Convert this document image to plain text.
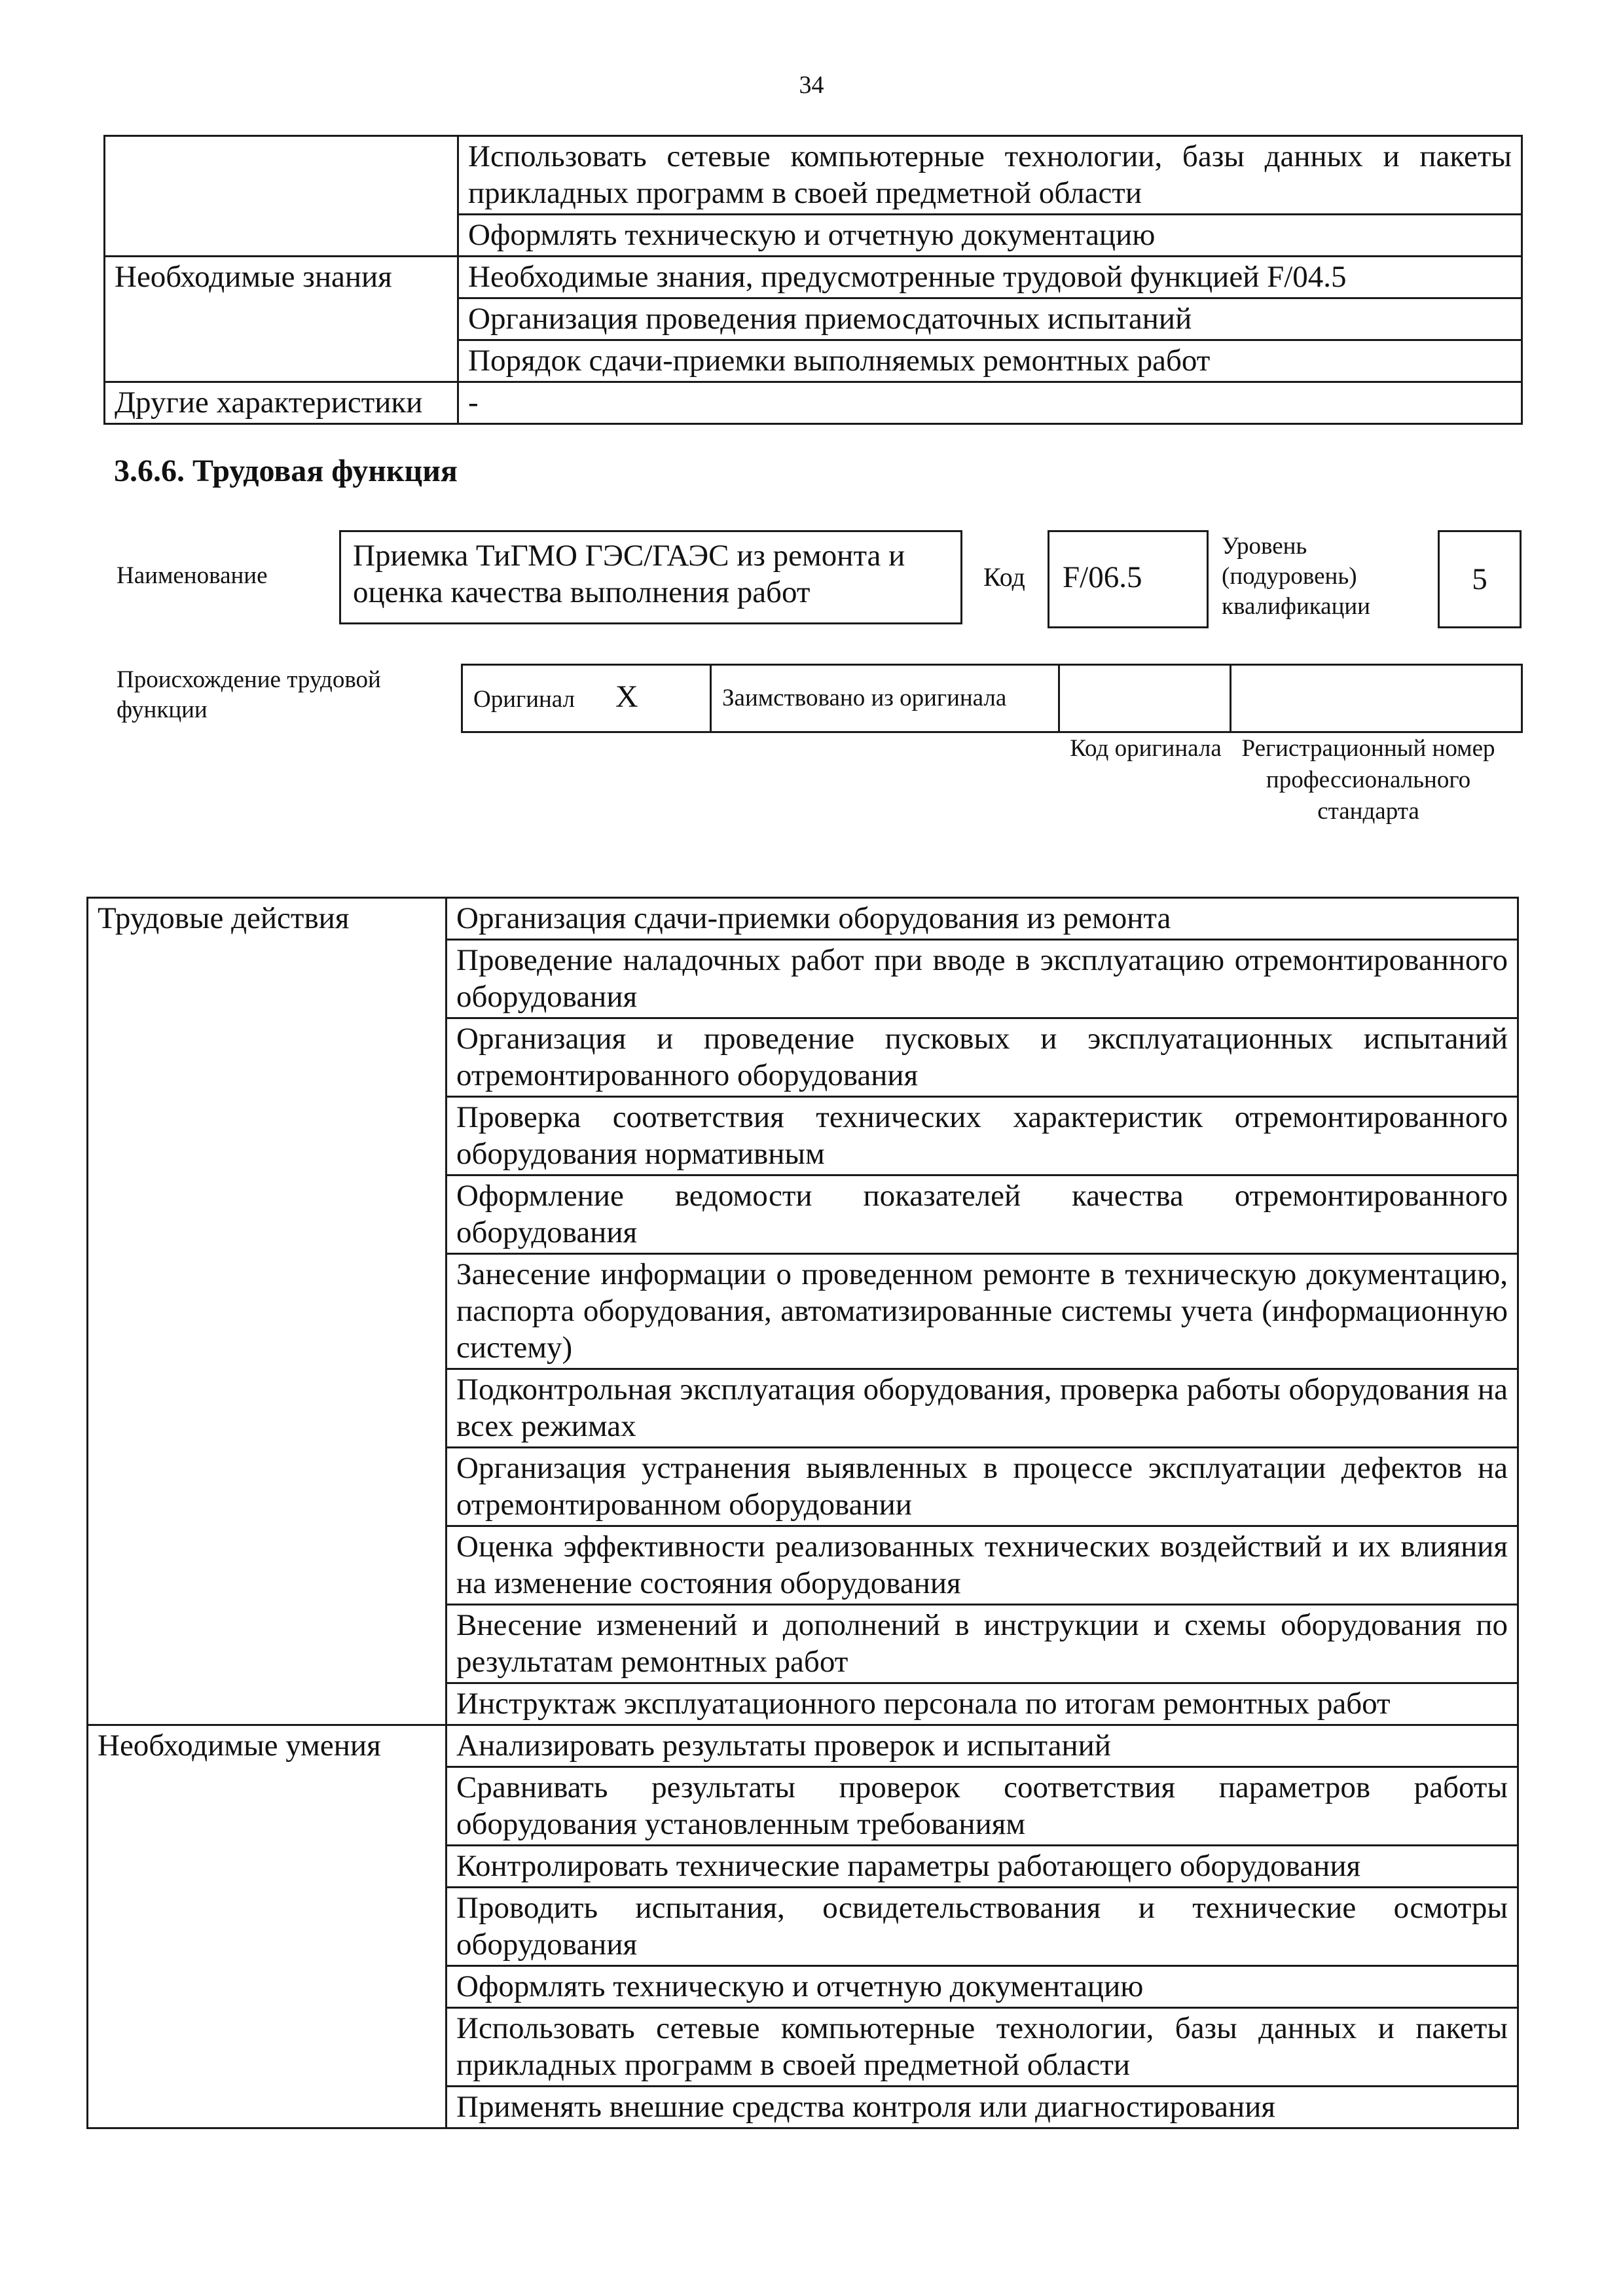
34
	Использовать сетевые компьютерные технологии, базы данных и пакеты прикладных программ в своей предметной области
	Оформлять техническую и отчетную документацию
Необходимые знания	Необходимые знания, предусмотренные трудовой функцией F/04.5
	Организация проведения приемосдаточных испытаний
	Порядок сдачи-приемки выполняемых ремонтных работ
Другие характеристики	-
3.6.6. Трудовая функция
Наименование
Приемка ТиГМО ГЭС/ГАЭС из ремонта и оценка качества выполнения работ	Код	F/06.5
Уровень (подуровень) квалификации
5
Происхождение трудовой функции	Оригинал X	Заимствовано из оригинала		
Код оригинала Регистрационный номер профессионального стандарта
Трудовые действия	Организация сдачи-приемки оборудования из ремонта
	Проведение наладочных работ при вводе в эксплуатацию отремонтированного оборудования
	Организация и проведение пусковых и эксплуатационных испытаний отремонтированного оборудования
	Проверка соответствия технических характеристик отремонтированного оборудования нормативным
	Оформление ведомости показателей качества отремонтированного оборудования
	Занесение информации о проведенном ремонте в техническую документацию, паспорта оборудования, автоматизированные системы учета (информационную систему)
	Подконтрольная эксплуатация оборудования, проверка работы оборудования на всех режимах
	Организация устранения выявленных в процессе эксплуатации дефектов на отремонтированном оборудовании
	Оценка эффективности реализованных технических воздействий и их влияния на изменение состояния оборудования
	Внесение изменений и дополнений в инструкции и схемы оборудования по результатам ремонтных работ
	Инструктаж эксплуатационного персонала по итогам ремонтных работ
Необходимые умения	Анализировать результаты проверок и испытаний
	Сравнивать результаты проверок соответствия параметров работы оборудования установленным требованиям
	Контролировать технические параметры работающего оборудования
	Проводить испытания, освидетельствования и технические осмотры оборудования
	Оформлять техническую и отчетную документацию
	Использовать сетевые компьютерные технологии, базы данных и пакеты прикладных программ в своей предметной области
	Применять внешние средства контроля или диагностирования
